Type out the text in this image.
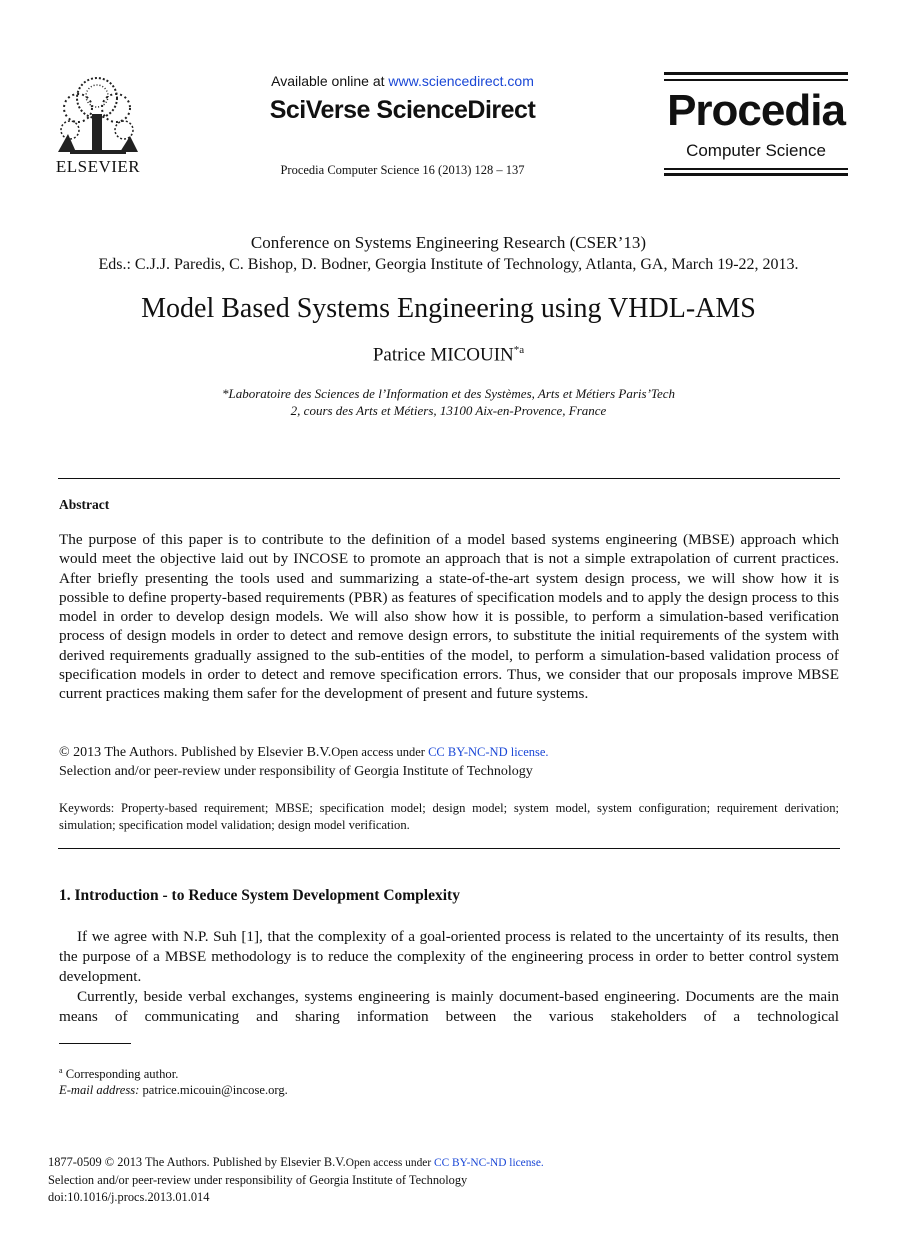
ELSEVIER
Available online at www.sciencedirect.com
SciVerse ScienceDirect
Procedia Computer Science 16 (2013) 128 – 137
Procedia
Computer Science
Conference on Systems Engineering Research (CSER’13)
Eds.: C.J.J. Paredis, C. Bishop, D. Bodner, Georgia Institute of Technology, Atlanta, GA, March 19-22, 2013.
Model Based Systems Engineering using VHDL-AMS
Patrice MICOUIN$^{*a}$
*Laboratoire des Sciences de l’Information et des Systèmes, Arts et Métiers Paris’Tech
2, cours des Arts et Métiers, 13100 Aix-en-Provence, France
Abstract
The purpose of this paper is to contribute to the definition of a model based systems engineering (MBSE) approach which would meet the objective laid out by INCOSE to promote an approach that is not a simple extrapolation of current practices. After briefly presenting the tools used and summarizing a state-of-the-art system design process, we will show how it is possible to define property-based requirements (PBR) as features of specification models and to apply the design process to this model in order to develop design models. We will also show how it is possible, to perform a simulation-based verification process of design models in order to detect and remove design errors, to substitute the initial requirements of the system with derived requirements gradually assigned to the sub-entities of the model, to perform a simulation-based validation process of specification models in order to detect and remove specification errors. Thus, we consider that our proposals improve MBSE current practices making them safer for the development of present and future systems.
© 2013 The Authors. Published by Elsevier B.V.Open access under CC BY-NC-ND license.
Selection and/or peer-review under responsibility of Georgia Institute of Technology
Keywords: Property-based requirement; MBSE; specification model; design model; system model, system configuration; requirement derivation; simulation; specification model validation; design model verification.
1. Introduction - to Reduce System Development Complexity
If we agree with N.P. Suh [1], that the complexity of a goal-oriented process is related to the uncertainty of its results, then the purpose of a MBSE methodology is to reduce the complexity of the engineering process in order to better control system development.
Currently, beside verbal exchanges, systems engineering is mainly document-based engineering. Documents are the main means of communicating and sharing information between the various stakeholders of a technological
$^a$ Corresponding author.
E-mail address: patrice.micouin@incose.org.
1877-0509 © 2013 The Authors. Published by Elsevier B.V.Open access under CC BY-NC-ND license.
Selection and/or peer-review under responsibility of Georgia Institute of Technology
doi:10.1016/j.procs.2013.01.014
